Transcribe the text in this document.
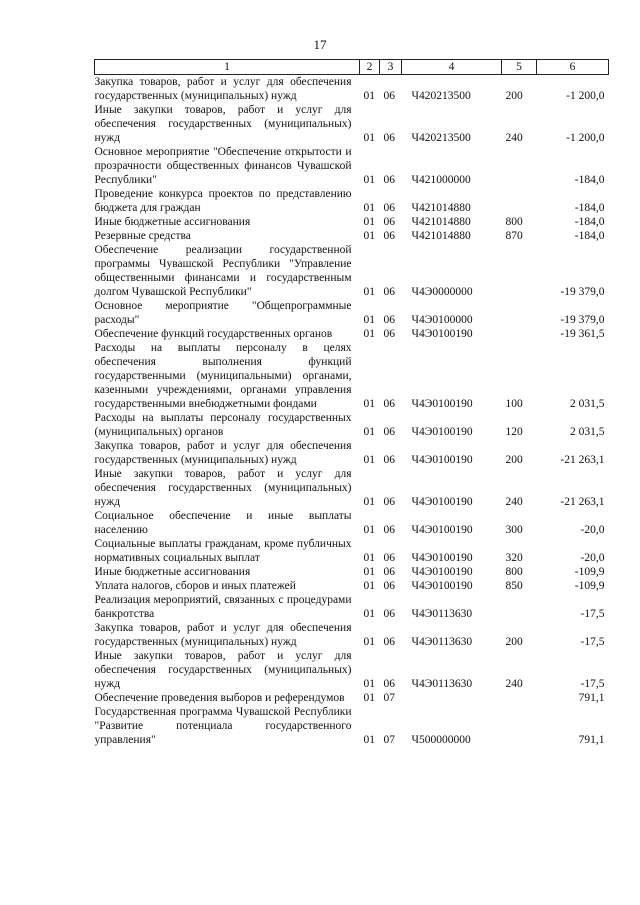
17
1	2	3	4	5	6
Закупка товаров, работ и услуг для обеспечения государственных (муниципальных) нужд	01	06	Ч420213500	200	-1 200,0
Иные закупки товаров, работ и услуг для обеспечения государственных (муниципальных) нужд	01	06	Ч420213500	240	-1 200,0
Основное мероприятие "Обеспечение открытости и прозрачности общественных финансов Чувашской Республики"	01	06	Ч421000000		-184,0
Проведение конкурса проектов по представлению бюджета для граждан	01	06	Ч421014880		-184,0
Иные бюджетные ассигнования	01	06	Ч421014880	800	-184,0
Резервные средства	01	06	Ч421014880	870	-184,0
Обеспечение реализации государственной программы Чувашской Республики "Управление общественными финансами и государственным долгом Чувашской Республики"	01	06	Ч4Э0000000		-19 379,0
Основное мероприятие "Общепрограммные расходы"	01	06	Ч4Э0100000		-19 379,0
Обеспечение функций государственных органов	01	06	Ч4Э0100190		-19 361,5
Расходы на выплаты персоналу в целях обеспечения выполнения функций государственными (муниципальными) органами, казенными учреждениями, органами управления государственными внебюджетными фондами	01	06	Ч4Э0100190	100	2 031,5
Расходы на выплаты персоналу государственных (муниципальных) органов	01	06	Ч4Э0100190	120	2 031,5
Закупка товаров, работ и услуг для обеспечения государственных (муниципальных) нужд	01	06	Ч4Э0100190	200	-21 263,1
Иные закупки товаров, работ и услуг для обеспечения государственных (муниципальных) нужд	01	06	Ч4Э0100190	240	-21 263,1
Социальное обеспечение и иные выплаты населению	01	06	Ч4Э0100190	300	-20,0
Социальные выплаты гражданам, кроме публичных нормативных социальных выплат	01	06	Ч4Э0100190	320	-20,0
Иные бюджетные ассигнования	01	06	Ч4Э0100190	800	-109,9
Уплата налогов, сборов и иных платежей	01	06	Ч4Э0100190	850	-109,9
Реализация мероприятий, связанных с процедурами банкротства	01	06	Ч4Э0113630		-17,5
Закупка товаров, работ и услуг для обеспечения государственных (муниципальных) нужд	01	06	Ч4Э0113630	200	-17,5
Иные закупки товаров, работ и услуг для обеспечения государственных (муниципальных) нужд	01	06	Ч4Э0113630	240	-17,5
Обеспечение проведения выборов и референдумов	01	07			791,1
Государственная программа Чувашской Республики "Развитие потенциала государственного управления"	01	07	Ч500000000		791,1
